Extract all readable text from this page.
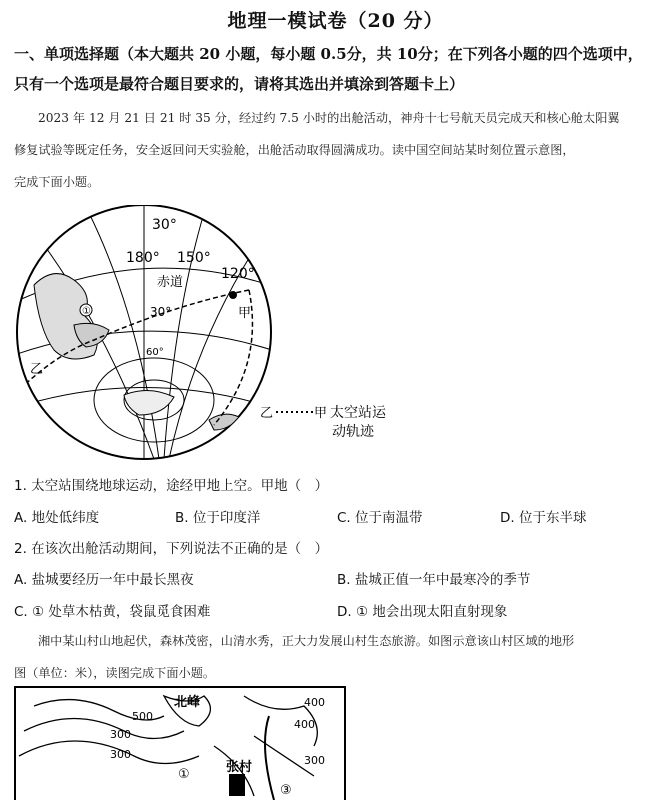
地理一模试卷（20 分）
一、单项选择题（本大题共 20 小题，每小题 0.5分，共 10分；在下列各小题的四个选项中，
只有一个选项是最符合题目要求的，请将其选出并填涂到答题卡上）
2023 年 12 月 21 日 21 时 35 分，经过约 7.5 小时的出舱活动，神舟十七号航天员完成天和核心舱太阳翼
修复试验等既定任务，安全返回问天实验舱，出舱活动取得圆满成功。读中国空间站某时刻位置示意图，
完成下面小题。
①
30°
180° 150°
120°
赤道
30°
60°
甲
乙
乙	甲 太空站运
动轨迹
1. 太空站围绕地球运动，途经甲地上空。甲地（　）
A. 地处低纬度	B. 位于印度洋	C. 位于南温带	D. 位于东半球
2. 在该次出舱活动期间，下列说法不正确的是（　）
A. 盐城要经历一年中最长黑夜	B. 盐城正值一年中最寒冷的季节
C. ① 处草木枯黄，袋鼠觅食困难	D. ① 地会出现太阳直射现象
湘中某山村山地起伏，森林茂密，山清水秀，正大力发展山村生态旅游。如图示意该山村区域的地形
图（单位：米），读图完成下面小题。
北峰
500
400
400
300
300	300
张村
①
③
